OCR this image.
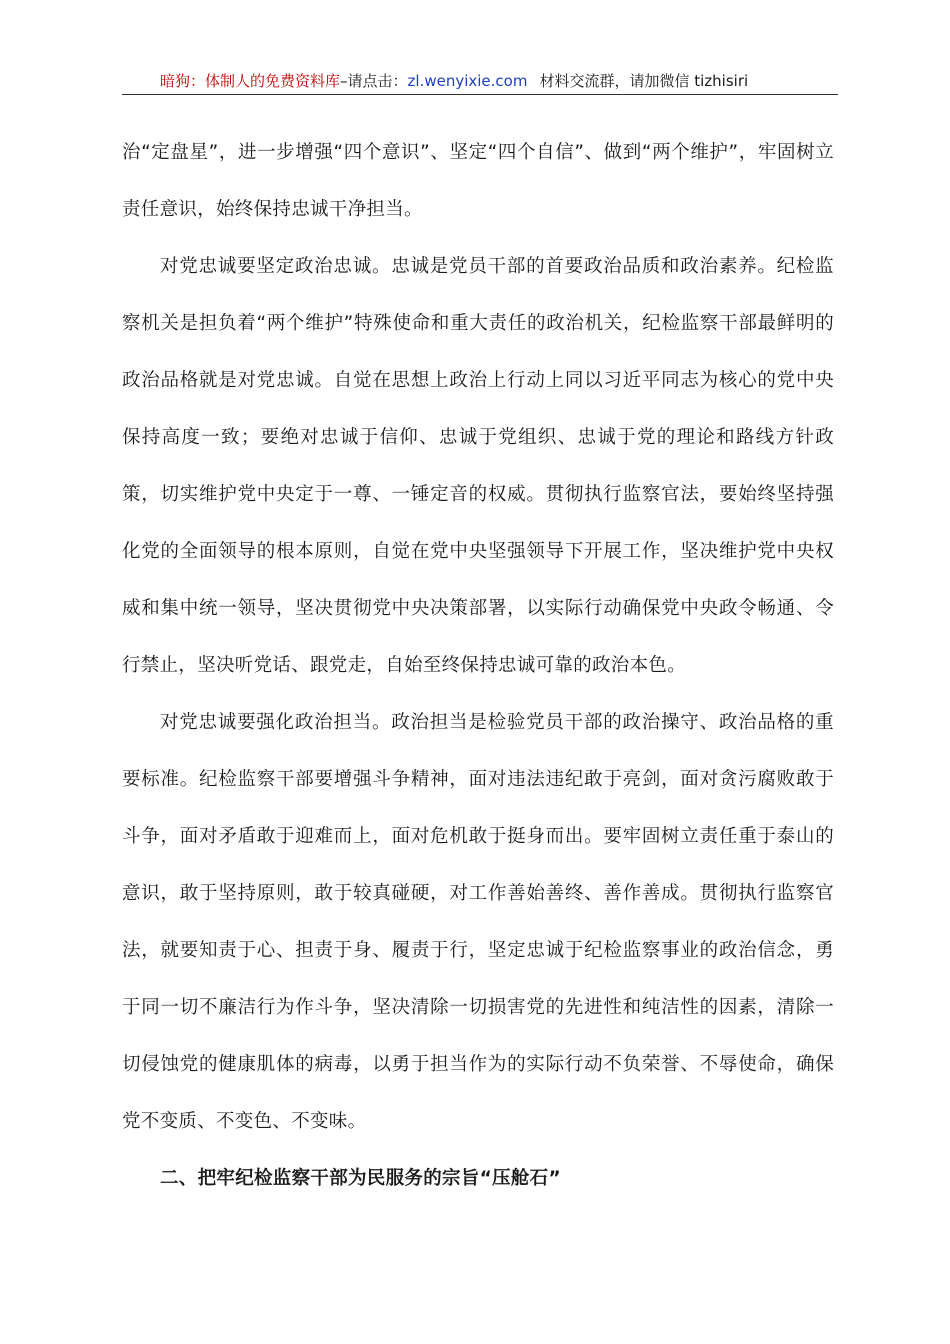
暗狗：体制人的免费资料库–请点击：zl.wenyixie.com 材料交流群，请加微信 tizhisiri

治“定盘星”，进一步增强“四个意识”、坚定“四个自信”、做到“两个维护”，牢固树立责任意识，始终保持忠诚干净担当。

对党忠诚要坚定政治忠诚。忠诚是党员干部的首要政治品质和政治素养。纪检监察机关是担负着“两个维护”特殊使命和重大责任的政治机关，纪检监察干部最鲜明的政治品格就是对党忠诚。自觉在思想上政治上行动上同以习近平同志为核心的党中央保持高度一致；要绝对忠诚于信仰、忠诚于党组织、忠诚于党的理论和路线方针政策，切实维护党中央定于一尊、一锤定音的权威。贯彻执行监察官法，要始终坚持强化党的全面领导的根本原则，自觉在党中央坚强领导下开展工作，坚决维护党中央权威和集中统一领导，坚决贯彻党中央决策部署，以实际行动确保党中央政令畅通、令行禁止，坚决听党话、跟党走，自始至终保持忠诚可靠的政治本色。

对党忠诚要强化政治担当。政治担当是检验党员干部的政治操守、政治品格的重要标准。纪检监察干部要增强斗争精神，面对违法违纪敢于亮剑，面对贪污腐败敢于斗争，面对矛盾敢于迎难而上，面对危机敢于挺身而出。要牢固树立责任重于泰山的意识，敢于坚持原则，敢于较真碰硬，对工作善始善终、善作善成。贯彻执行监察官法，就要知责于心、担责于身、履责于行，坚定忠诚于纪检监察事业的政治信念，勇于同一切不廉洁行为作斗争，坚决清除一切损害党的先进性和纯洁性的因素，清除一切侵蚀党的健康肌体的病毒，以勇于担当作为的实际行动不负荣誉、不辱使命，确保党不变质、不变色、不变味。

二、把牢纪检监察干部为民服务的宗旨“压舱石”
